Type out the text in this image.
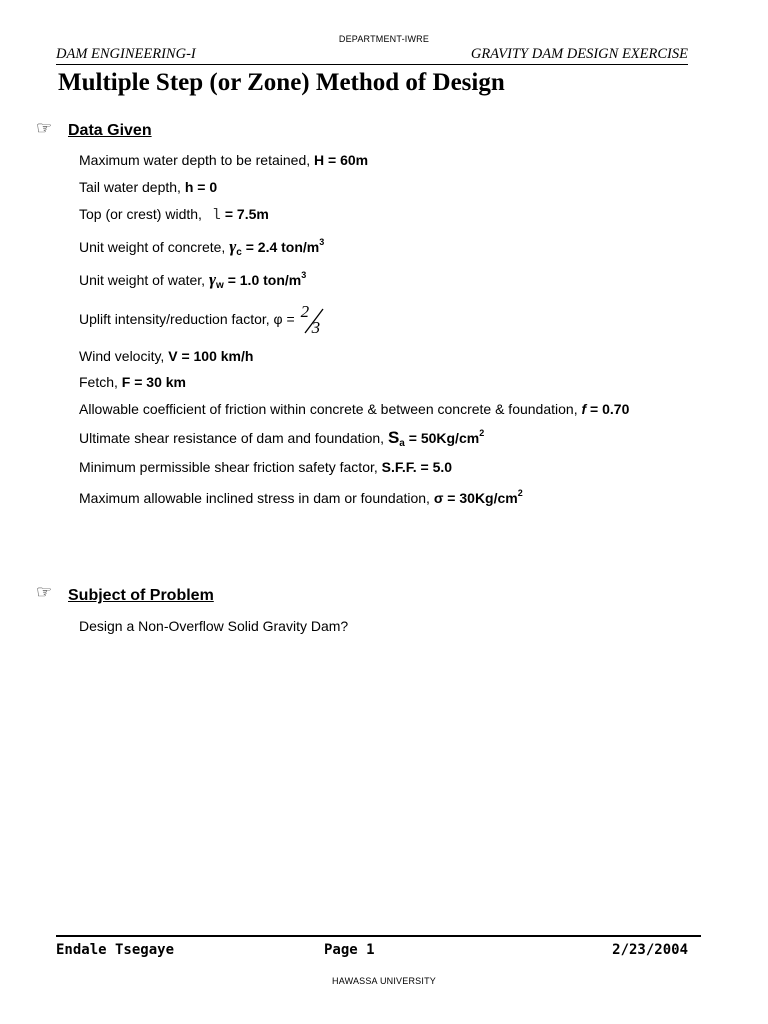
DEPARTMENT-IWRE
DAM ENGINEERING-I	GRAVITY DAM DESIGN EXERCISE
Multiple Step (or Zone) Method of Design
☞ Data Given
Maximum water depth to be retained, H = 60m
Tail water depth, h = 0
Top (or crest) width, l = 7.5m
Unit weight of concrete, $\gamma_c = 2.4$ ton/$m^3$
Unit weight of water, $\gamma_w = 1.0$ ton/$m^3$
Uplift intensity/reduction factor, φ = 2
3
Wind velocity, V = 100 km/h
Fetch, F = 30 km
Allowable coefficient of friction within concrete & between concrete & foundation, f = 0.70
Ultimate shear resistance of dam and foundation, $S_a = 50Kg/cm^2$
Minimum permissible shear friction safety factor, S.F.F. = 5.0
Maximum allowable inclined stress in dam or foundation, $\sigma = 30Kg/cm^2$
☞ Subject of Problem
Design a Non-Overflow Solid Gravity Dam?
Endale Tsegaye	Page 1	2/23/2004
HAWASSA UNIVERSITY
